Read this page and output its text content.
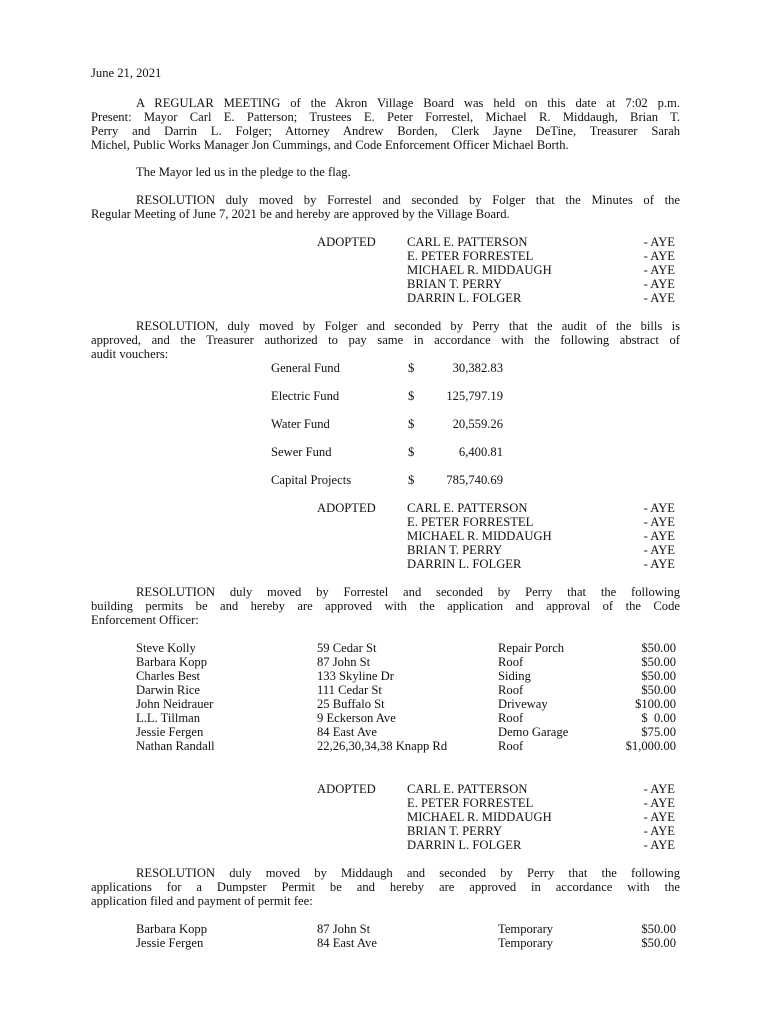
June 21, 2021
A REGULAR MEETING of the Akron Village Board was held on this date at 7:02 p.m.
Present: Mayor Carl E. Patterson; Trustees E. Peter Forrestel, Michael R. Middaugh, Brian T.
Perry and Darrin L. Folger; Attorney Andrew Borden, Clerk Jayne DeTine, Treasurer Sarah
Michel, Public Works Manager Jon Cummings, and Code Enforcement Officer Michael Borth.
The Mayor led us in the pledge to the flag.
RESOLUTION duly moved by Forrestel and seconded by Folger that the Minutes of the
Regular Meeting of June 7, 2021 be and hereby are approved by the Village Board.
ADOPTED CARL E. PATTERSON	- AYE
E. PETER FORRESTEL	- AYE
MICHAEL R. MIDDAUGH	- AYE
BRIAN T. PERRY	- AYE
DARRIN L. FOLGER	- AYE
RESOLUTION, duly moved by Folger and seconded by Perry that the audit of the bills is
approved, and the Treasurer authorized to pay same in accordance with the following abstract of
audit vouchers:
General Fund	$	30,382.83
Electric Fund	$	125,797.19
Water Fund	$	20,559.26
Sewer Fund	$	6,400.81
Capital Projects	$	785,740.69
ADOPTED CARL E. PATTERSON	- AYE
E. PETER FORRESTEL	- AYE
MICHAEL R. MIDDAUGH	- AYE
BRIAN T. PERRY	- AYE
DARRIN L. FOLGER	- AYE
RESOLUTION duly moved by Forrestel and seconded by Perry that the following
building permits be and hereby are approved with the application and approval of the Code
Enforcement Officer:
Steve Kolly	59 Cedar St	Repair Porch	$50.00
Barbara Kopp	87 John St	Roof	$50.00
Charles Best	133 Skyline Dr	Siding	$50.00
Darwin Rice	111 Cedar St	Roof	$50.00
John Neidrauer	25 Buffalo St	Driveway	$100.00
L.L. Tillman	9 Eckerson Ave	Roof	$  0.00
Jessie Fergen	84 East Ave	Demo Garage	$75.00
Nathan Randall	22,26,30,34,38 Knapp Rd	Roof	$1,000.00
ADOPTED CARL E. PATTERSON	- AYE
E. PETER FORRESTEL	- AYE
MICHAEL R. MIDDAUGH	- AYE
BRIAN T. PERRY	- AYE
DARRIN L. FOLGER	- AYE
RESOLUTION duly moved by Middaugh and seconded by Perry that the following
applications for a Dumpster Permit be and hereby are approved in accordance with the
application filed and payment of permit fee:
Barbara Kopp	87 John St	Temporary	$50.00
Jessie Fergen	84 East Ave	Temporary	$50.00
